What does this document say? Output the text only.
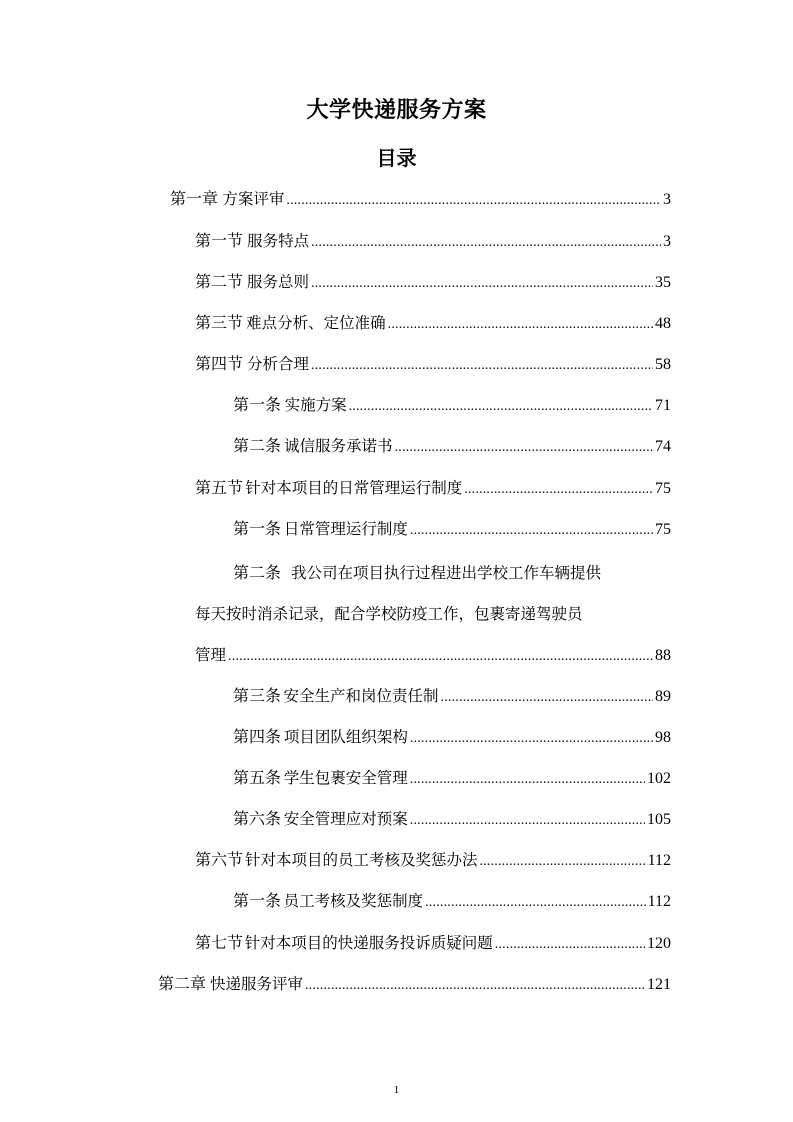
大学快递服务方案
目录
第一章 方案评审 .....	3
第一节 服务特点 .....	3
第二节 服务总则 .....	35
第三节 难点分析、定位准确 .....	48
第四节 分析合理 .....	58
第一条 实施方案 .....	71
第二条 诚信服务承诺书 .....	74
第五节 针对本项目的日常管理运行制度 .....	75
第一条 日常管理运行制度 .....	75
第二条 我公司在项目执行过程进出学校工作车辆提供
每天按时消杀记录，配合学校防疫工作，包裹寄递驾驶员
管理 .....	88
第三条 安全生产和岗位责任制 .....	89
第四条 项目团队组织架构 .....	98
第五条 学生包裹安全管理 .....	102
第六条 安全管理应对预案 .....	105
第六节 针对本项目的员工考核及奖惩办法 .....	112
第一条 员工考核及奖惩制度 .....	112
第七节 针对本项目的快递服务投诉质疑问题 .....	120
第二章 快递服务评审 .....	121
1
